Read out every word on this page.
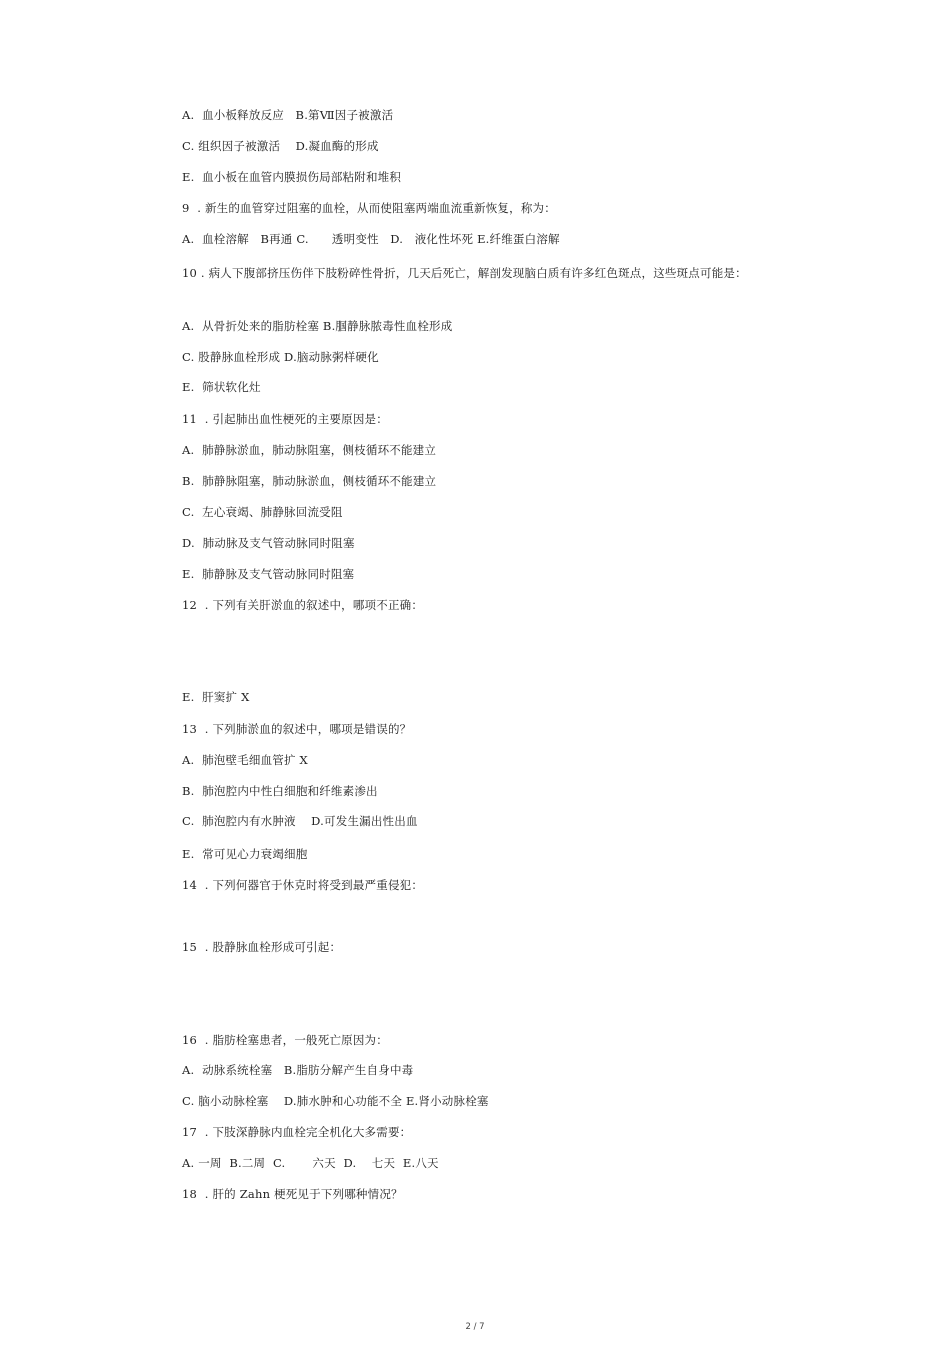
A.  血小板释放反应   B.第Ⅶ因子被激活
C. 组织因子被激活    D.凝血酶的形成
E.  血小板在血管内膜损伤局部粘附和堆积
9  . 新生的血管穿过阻塞的血栓，从而使阻塞两端血流重新恢复，称为：
A.  血栓溶解   B再通 C.      透明变性   D.   液化性坏死 E.纤维蛋白溶解
10 . 病人下腹部挤压伤伴下肢粉碎性骨折，几天后死亡，解剖发现脑白质有许多红色斑点，这些斑点可能是：
A.  从骨折处来的脂肪栓塞 B.腘静脉脓毒性血栓形成
C. 股静脉血栓形成 D.脑动脉粥样硬化
E.  筛状软化灶
11  . 引起肺出血性梗死的主要原因是：
A.  肺静脉淤血，肺动脉阻塞，侧枝循环不能建立
B.  肺静脉阻塞，肺动脉淤血，侧枝循环不能建立
C.  左心衰竭、肺静脉回流受阻
D.  肺动脉及支气管动脉同时阻塞
E.  肺静脉及支气管动脉同时阻塞
12  . 下列有关肝淤血的叙述中，哪项不正确：
E.  肝窦扩 X
13  . 下列肺淤血的叙述中，哪项是错误的？
A.  肺泡壁毛细血管扩 X
B.  肺泡腔内中性白细胞和纤维素渗出
C.  肺泡腔内有水肿液    D.可发生漏出性出血
E.  常可见心力衰竭细胞
14  . 下列何器官于休克时将受到最严重侵犯：
15  . 股静脉血栓形成可引起：
16  . 脂肪栓塞患者，一般死亡原因为：
A.  动脉系统栓塞   B.脂肪分解产生自身中毒
C. 脑小动脉栓塞    D.肺水肿和心功能不全 E.肾小动脉栓塞
17  . 下肢深静脉内血栓完全机化大多需要：
A. 一周  B.二周  C.       六天  D.    七天  E.八天
18  . 肝的 Zahn 梗死见于下列哪种情况？
2 / 7
